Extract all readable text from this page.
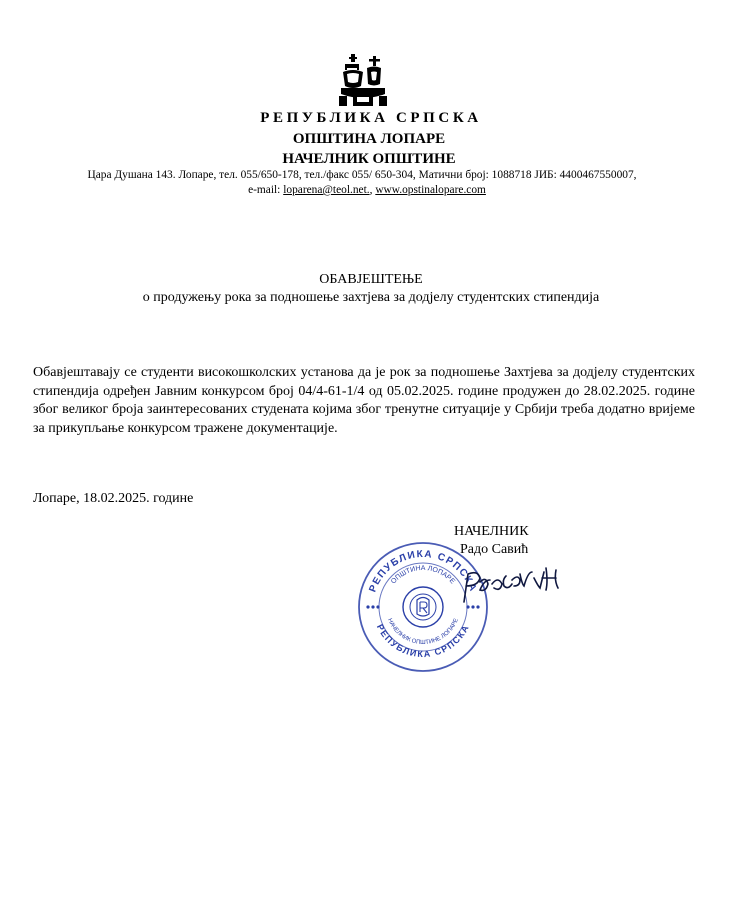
РЕПУБЛИКА СРПСКА
ОПШТИНА ЛОПАРЕ
НАЧЕЛНИК ОПШТИНЕ
Цара Душана 143. Лопаре, тел. 055/650-178, тел./факс 055/ 650-304, Матични број: 1088718 ЈИБ: 4400467550007,
e-mail: loparena@teol.net., www.opstinalopare.com
ОБАВЈЕШТЕЊЕ
о продужењу рока за подношење захтјева за додјелу студентских стипендија
Обавјештавају се студенти високошколских установа да је рок за подношење Захтјева за додјелу студентских стипендија одређен Јавним конкурсом број 04/4-61-1/4 од 05.02.2025. године продужен до 28.02.2025. године због великог броја заинтересованих студената којима због тренутне ситуације у Србији треба додатно вријеме за прикупљање конкурсом тражене документације.
Лопаре, 18.02.2025. године
РЕПУБЛИКА СРПСКА
ОПШТИНА ЛОПАРЕ
НАЧЕЛНИК ОПШТИНЕ ЛОПАРЕ
РЕПУБЛИКА СРПСКА
НАЧЕЛНИК
Радо Савић
